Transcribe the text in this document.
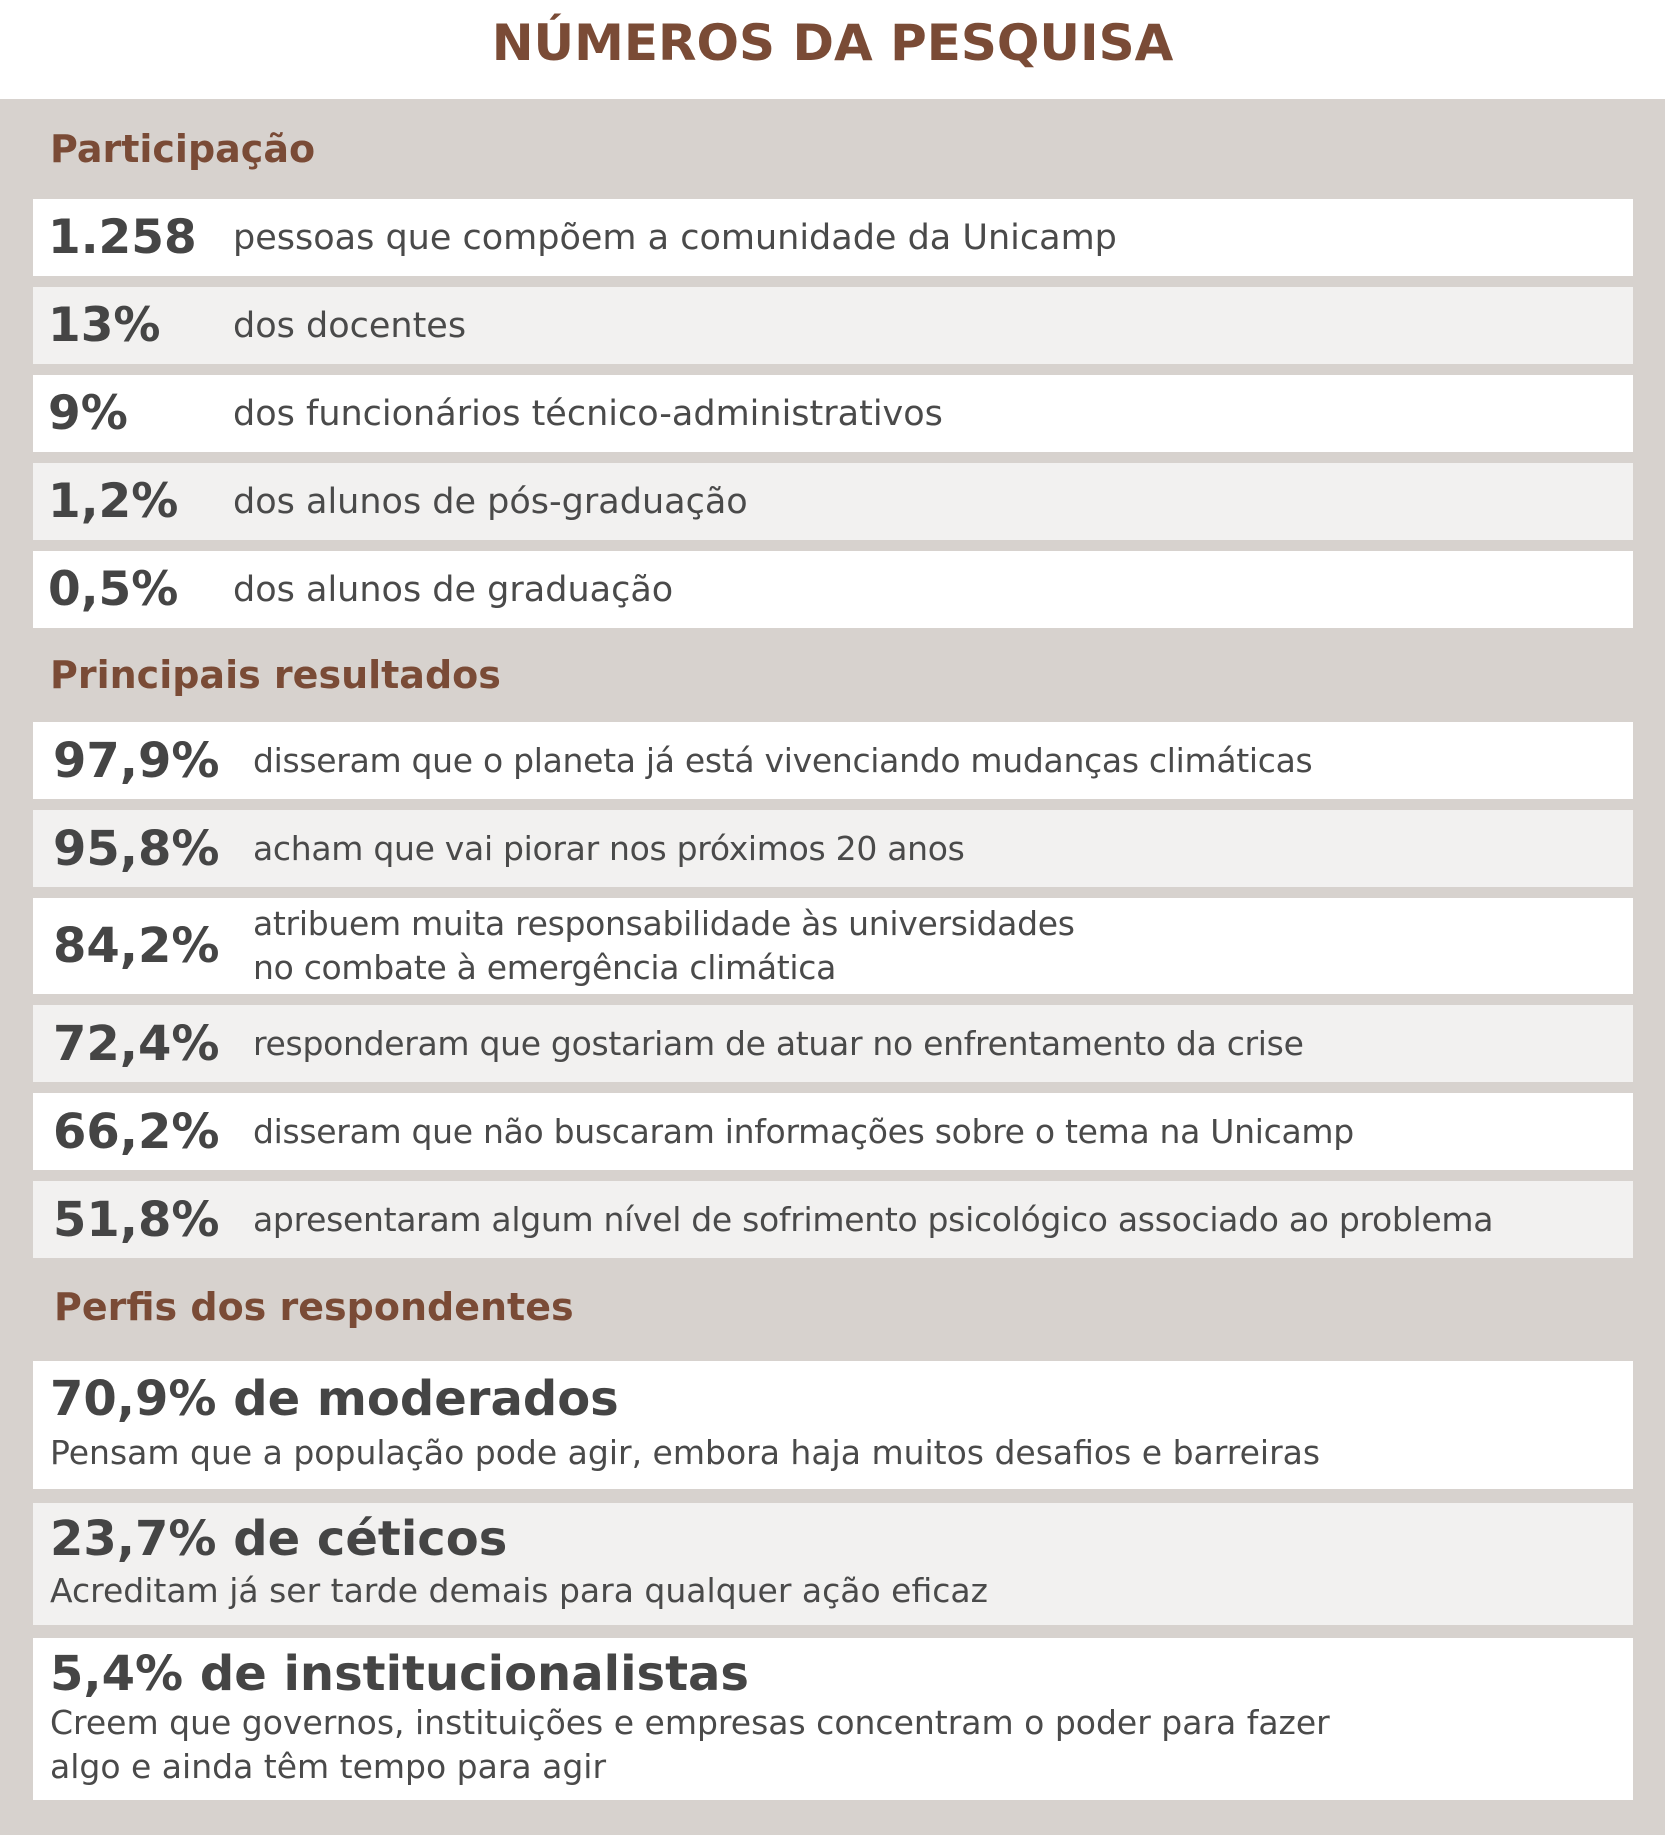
NÚMEROS DA PESQUISA
Participação
1.258	pessoas que compõem a comunidade da Unicamp
13%	dos docentes
9%	dos funcionários técnico-administrativos
1,2%	dos alunos de pós-graduação
0,5%	dos alunos de graduação
Principais resultados
97,9%	disseram que o planeta já está vivenciando mudanças climáticas
95,8%	acham que vai piorar nos próximos 20 anos
84,2%	atribuem muita responsabilidade às universidades
no combate à emergência climática
72,4%	responderam que gostariam de atuar no enfrentamento da crise
66,2%	disseram que não buscaram informações sobre o tema na Unicamp
51,8%	apresentaram algum nível de sofrimento psicológico associado ao problema
Perfis dos respondentes
70,9% de moderados
Pensam que a população pode agir, embora haja muitos desafios e barreiras
23,7% de céticos
Acreditam já ser tarde demais para qualquer ação eficaz
5,4% de institucionalistas
Creem que governos, instituições e empresas concentram o poder para fazer
algo e ainda têm tempo para agir
